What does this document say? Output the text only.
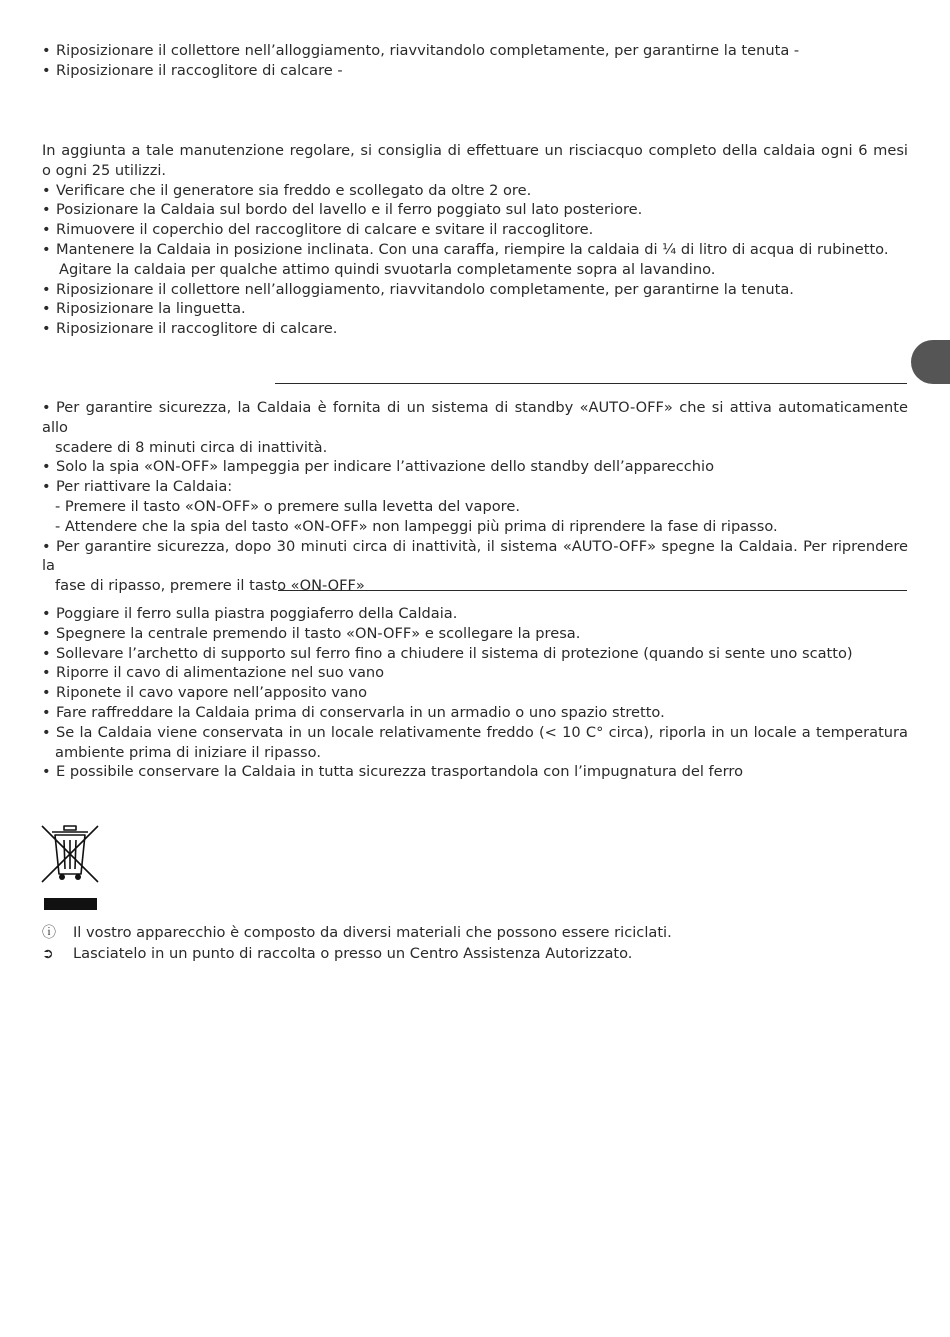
• Riposizionare il collettore nell’alloggiamento, riavvitandolo completamente, per garantirne la tenuta -
• Riposizionare il raccoglitore di calcare -
In aggiunta a tale manutenzione regolare, si consiglia di effettuare un risciacquo completo della caldaia ogni 6 mesi
o ogni 25 utilizzi.
• Verificare che il generatore sia freddo e scollegato da oltre 2 ore.
• Posizionare la Caldaia sul bordo del lavello e il ferro poggiato sul lato posteriore.
• Rimuovere il coperchio del raccoglitore di calcare e svitare il raccoglitore.
• Mantenere la Caldaia in posizione inclinata. Con una caraffa, riempire la caldaia di ¼ di litro di acqua di rubinetto.
Agitare la caldaia per qualche attimo quindi svuotarla completamente sopra al lavandino.
• Riposizionare il collettore nell’alloggiamento, riavvitandolo completamente, per garantirne la tenuta.
• Riposizionare la linguetta.
• Riposizionare il raccoglitore di calcare.
• Per garantire sicurezza, la Caldaia è fornita di un sistema di standby «AUTO-OFF» che si attiva automaticamente allo
scadere di 8 minuti circa di inattività.
• Solo la spia «ON-OFF» lampeggia per indicare l’attivazione dello standby dell’apparecchio
• Per riattivare la Caldaia:
- Premere il tasto «ON-OFF» o premere sulla levetta del vapore.
- Attendere che la spia del tasto «ON-OFF» non lampeggi più prima di riprendere la fase di ripasso.
• Per garantire sicurezza, dopo 30 minuti circa di inattività, il sistema «AUTO-OFF» spegne la Caldaia. Per riprendere la
fase di ripasso, premere il tasto «ON-OFF»
• Poggiare il ferro sulla piastra poggiaferro della Caldaia.
• Spegnere la centrale premendo il tasto «ON-OFF» e scollegare la presa.
• Sollevare l’archetto di supporto sul ferro fino a chiudere il sistema di protezione (quando si sente uno scatto)
• Riporre il cavo di alimentazione nel suo vano
• Riponete il cavo vapore nell’apposito vano
• Fare raffreddare la Caldaia prima di conservarla in un armadio o uno spazio stretto.
• Se la Caldaia viene conservata in un locale relativamente freddo (< 10 C° circa), riporla in un locale a temperatura
ambiente prima di iniziare il ripasso.
• E possibile conservare la Caldaia in tutta sicurezza trasportandola con l’impugnatura del ferro
ⓘ Il vostro apparecchio è composto da diversi materiali che possono essere riciclati.
➲ Lasciatelo in un punto di raccolta o presso un Centro Assistenza Autorizzato.
